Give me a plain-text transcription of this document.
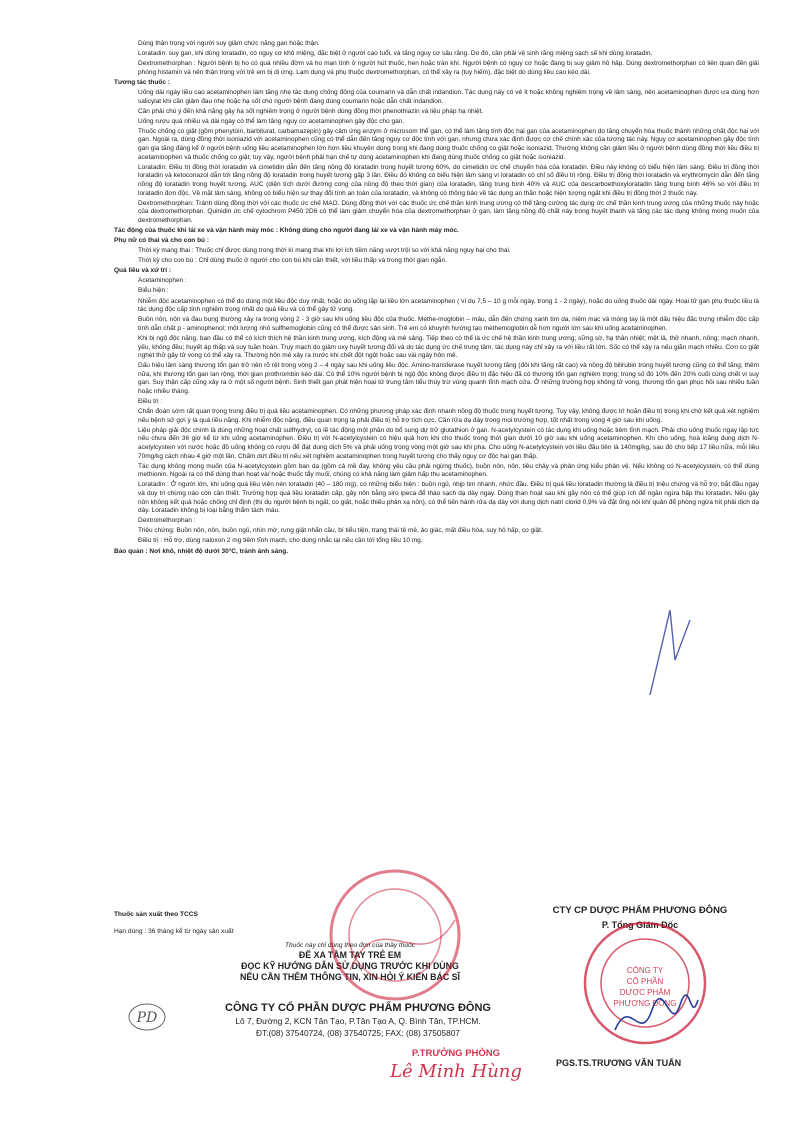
Dùng thận trọng với người suy giảm chức năng gan hoặc thận.

Loratadin: suy gan, khi dùng loratadin, có nguy cơ khô miệng, đặc biệt ở người cao tuổi, và tăng nguy cơ sâu răng. Do đó, cần phải vệ sinh răng miệng sạch sẽ khi dùng loratadin.

Dextromethorphan : Người bệnh bị ho có quá nhiều đờm và ho mạn tính ở người hút thuốc, hen hoặc tràn khí. Người bệnh có nguy cơ hoặc đang bị suy giảm hô hấp. Dùng dextromethorphan có liên quan đến giải phóng histamin và nên thận trọng với trẻ em bị dị ứng. Lạm dụng và phụ thuộc dextromethorphan, có thể xảy ra (tuy hiếm), đặc biệt do dùng liều cao kéo dài.

Tương tác thuốc :

Uống dài ngày liều cao acetaminophen làm tăng nhẹ tác dụng chống đông của coumarin và dẫn chất indandion. Tác dụng này có vẻ ít hoặc không nghiêm trọng về lâm sàng, nên acetaminophen được ưa dùng hơn salicylat khi cần giảm đau nhẹ hoặc hạ sốt cho người bệnh đang dùng coumarin hoặc dẫn chất indandion.

Cần phải chú ý đến khả năng gây hạ sốt nghiêm trọng ở người bệnh dùng đồng thời phenothiazin và liệu pháp hạ nhiệt.

Uống rượu quá nhiều và dài ngày có thể làm tăng nguy cơ acetaminophen gây độc cho gan.

Thuốc chống co giật (gồm phenytoin, barbiturat, carbamazepin) gây cảm ứng enzym ở microsom thể gan, có thể làm tăng tính độc hại gan của acetaminophen do tăng chuyển hóa thuốc thành những chất độc hại với gan. Ngoài ra, dùng đồng thời isoniazid với acetaminophen cũng có thể dẫn đến tăng nguy cơ độc tính với gan, nhưng chưa xác định được cơ chế chính xác của tương tác này. Nguy cơ acetaminophen gây độc tính gan gia tăng đáng kể ở người bệnh uống liều acetaminophen lớn hơn liều khuyên dùng trong khi đang dùng thuốc chống co giật hoặc isoniazid. Thường không cần giảm liều ở người bệnh dùng đồng thời liều điều trị acetaminophen và thuốc chống co giật; tuy vậy, người bệnh phải hạn chế tự dùng acetaminophen khi đang dùng thuốc chống co giật hoặc isoniazid.

Loratadin: Điều trị đồng thời loratadin và cimetidin dẫn đến tăng nồng độ loratadin trong huyết tương 60%, do cimetidin ức chế chuyển hóa của loratadin. Điều này không có biểu hiện lâm sàng. Điều trị đồng thời loratadin và ketoconazol dẫn tới tăng nồng độ loratadin trong huyết tương gấp 3 lần. Điều đó không có biểu hiện lâm sàng vì loratadin có chỉ số điều trị rộng. Điều trị đồng thời loratadin và erythromycin dẫn đến tăng nồng độ loratadin trong huyết tương. AUC (diện tích dưới đường cong của nồng độ theo thời gian) của loratadin, tăng trung bình 40% và AUC của descarboethoxyloratadin tăng trung bình 46% so với điều trị loratadin đơn độc. Về mặt lâm sàng, không có biểu hiện sự thay đổi tính an toàn của loratadin, và không có thông báo về tác dụng an thần hoặc hiện tượng ngất khi điều trị đồng thời 2 thuốc này.

Dextromethorphan: Tránh dùng đồng thời với các thuốc ức chế MAO. Dùng đồng thời với các thuốc ức chế thần kinh trung ương có thể tăng cường tác dụng ức chế thần kinh trung ương của những thuốc này hoặc của dextromethorphan. Quinidin ức chế cytochrom P450 2D6 có thể làm giảm chuyển hóa của dextromethorphan ở gan, làm tăng nồng độ chất này trong huyết thanh và tăng các tác dụng không mong muốn của dextromethorphan.

Tác động của thuốc khi lái xe và vận hành máy móc : Không dùng cho người đang lái xe và vận hành máy móc.

Phụ nữ có thai và cho con bú :

Thời kỳ mang thai : Thuốc chỉ được dùng trong thời kì mang thai khi lợi ích tiềm năng vượt trội so với khả năng nguy hại cho thai.

Thời kỳ cho con bú : Chỉ dùng thuốc ở người cho con bú khi cần thiết, với liều thấp và trong thời gian ngắn.

Quá liều và xử trí :

Acetaminophen :

Biểu hiện :

Nhiễm độc acetaminophen có thể do dùng một liều độc duy nhất, hoặc do uống lặp lại liều lớn acetaminophen ( ví dụ 7,5 – 10 g mỗi ngày, trong 1 - 2 ngày), hoặc do uống thuốc dài ngày. Hoại tử gan phụ thuộc liều là tác dụng độc cấp tính nghiêm trọng nhất do quá liều và có thể gây tử vong.

Buồn nôn, nôn và đau bụng thường xảy ra trong vòng 2 - 3 giờ sau khi uống liều độc của thuốc. Methe-moglobin – máu, dẫn đến chứng xanh tím da, niêm mạc và móng tay là một dấu hiệu đặc trưng nhiễm độc cấp tính dẫn chất p - aminophenol; một lượng nhỏ sulfhemoglobin cũng có thể được sản sinh. Trẻ em có khuynh hướng tạo methemoglobin dễ hơn người lớn sau khi uống acetaminophen.

Khi bị ngộ độc nặng, ban đầu có thể có kích thích hệ thần kinh trung ương, kích động và mê sảng. Tiếp theo có thể là ức chế hệ thần kinh trung ương; sững sờ, hạ thân nhiệt; mệt lả, thở nhanh, nông; mạch nhanh, yếu, không đều; huyết áp thấp và suy tuần hoàn. Trụy mạch do giảm oxy huyết tương đối và do tác dụng ức chế trung tâm, tác dụng này chỉ xảy ra với liều rất lớn. Sốc có thể xảy ra nếu giãn mạch nhiều. Cơn co giật nghẹt thở gây tử vong có thể xảy ra. Thường hôn mê xảy ra trước khi chết đột ngột hoặc sau vài ngày hôn mê.

Dấu hiệu lâm sàng thương tổn gan trở nên rõ rệt trong vòng 2 – 4 ngày sau khi uống liều độc. Amino-transferase huyết tương tăng (đôi khi tăng rất cao) và nồng độ bilirubin trong huyết tương cũng có thể tăng; thêm nữa, khi thương tổn gan lan rộng, thời gian prothrombin kéo dài. Có thể 10% người bệnh bị ngộ độc không được điều trị đặc hiệu đã có thương tổn gan nghiêm trọng; trong số đó 10% đến 20% cuối cùng chết vì suy gan. Suy thận cấp cũng xảy ra ở một số người bệnh. Sinh thiết gan phát hiện hoại tử trung tâm tiểu thùy trừ vùng quanh tĩnh mạch cửa. Ở những trường hợp không tử vong, thương tổn gan phục hồi sau nhiều tuần hoặc nhiều tháng.

Điều trị :

Chẩn đoán sớm rất quan trọng trong điều trị quá liều acetaminophen. Có những phương pháp xác định nhanh nồng độ thuốc trong huyết tương. Tuy vậy, không được trì hoãn điều trị trong khi chờ kết quả xét nghiệm nếu bệnh sử gợi ý là quá liều nặng. Khi nhiễm độc nặng, điều quan trọng là phải điều trị hỗ trợ tích cực. Cần rửa dạ dày trong mọi trường hợp, tốt nhất trong vòng 4 giờ sau khi uống.

Liệu pháp giải độc chính là dùng những hoạt chất sulfhydryl, có lẽ tác động một phần do bổ sung dự trữ glutathion ở gan. N-acetylcystein có tác dụng khi uống hoặc tiêm tĩnh mạch. Phải cho uống thuốc ngay lập tức nếu chưa đến 36 giờ kể từ khi uống acetaminophen. Điều trị với N-acetylcystein có hiệu quả hơn khi cho thuốc trong thời gian dưới 10 giờ sau khi uống acetaminophen. Khi cho uống, hoà loãng dung dịch N-acetylcystein với nước hoặc đồ uống không có rượu để đạt dung dịch 5% và phải uống trong vòng một giờ sau khi pha. Cho uống N-acetylcystein với liều đầu tiên là 140mg/kg, sau đó cho tiếp 17 liều nữa, mỗi liều 70mg/kg cách nhau 4 giờ một lần. Chấm dứt điều trị nếu xét nghiệm acetaminophen trong huyết tương cho thấy nguy cơ độc hại gan thấp.

Tác dụng không mong muốn của N-acetylcystein gồm ban da (gồm cả mề đay, không yêu cầu phải ngừng thuốc), buồn nôn, nôn, tiêu chảy và phản ứng kiểu phản vệ. Nếu không có N-acetylcystein, có thể dùng methionin. Ngoài ra có thể dùng than hoạt và/ hoặc thuốc tẩy muối, chúng có khả năng làm giảm hấp thu acetaminophen.

Loratadin : Ở người lớn, khi uống quá liều viên nén loratadin (40 – 180 mg), có những biểu hiện : buồn ngủ, nhịp tim nhanh, nhức đầu. Điều trị quá liều loratadin thường là điều trị triệu chứng và hỗ trợ, bắt đầu ngay và duy trì chừng nào còn cần thiết. Trường hợp quá liều loratadin cấp, gây nôn bằng siro ipeca để tháo sạch dạ dày ngay. Dùng than hoạt sau khi gây nôn có thể giúp ích để ngăn ngừa hấp thu loratadin. Nếu gây nôn không kết quả hoặc chống chỉ định (thí dụ người bệnh bị ngất, co giật, hoặc thiếu phản xạ nôn), có thể tiến hành rửa dạ dày với dung dịch natri clorid 0,9% và đặt ống nội khí quản để phòng ngừa hít phải dịch dạ dày. Loratadin không bị loại bằng thẩm tách máu.

Dextromethorphan :

Triệu chứng: Buồn nôn, nôn, buồn ngủ, nhìn mờ, rung giật nhãn cầu, bí tiểu tiện, trạng thái tê mê, ảo giác, mất điều hòa, suy hô hấp, co giật.

Điều trị : Hỗ trợ, dùng naloxon 2 mg tiêm tĩnh mạch, cho dùng nhắc lại nếu cần tới tổng liều 10 mg.

Bảo quản : Nơi khô, nhiệt độ dưới 30°C, tránh ánh sáng.

Thuốc sản xuất theo TCCS
Hạn dùng : 36 tháng kể từ ngày sản xuất
Thuốc này chỉ dùng theo đơn của thầy thuốc
ĐỂ XA TẦM TAY TRẺ EM
ĐỌC KỸ HƯỚNG DẪN SỬ DỤNG TRƯỚC KHI DÙNG
NẾU CẦN THÊM THÔNG TIN, XIN HỎI Ý KIẾN BÁC SĨ
CTY CP DƯỢC PHẨM PHƯƠNG ĐÔNG
P. Tổng Giám Đốc
PD
CÔNG TY CỔ PHẦN DƯỢC PHẨM PHƯƠNG ĐÔNG
Lô 7, Đường 2, KCN Tân Tạo, P.Tân Tạo A, Q. Bình Tân, TP.HCM.
ĐT:(08) 37540724, (08) 37540725; FAX: (08) 37505807
P.TRƯỞNG PHÒNG
Lê Minh Hùng	PGS.TS.TRƯƠNG VĂN TUẤN
CÔNG TY
CỔ PHẦN
DƯỢC PHẨM
PHƯƠNG ĐÔNG
